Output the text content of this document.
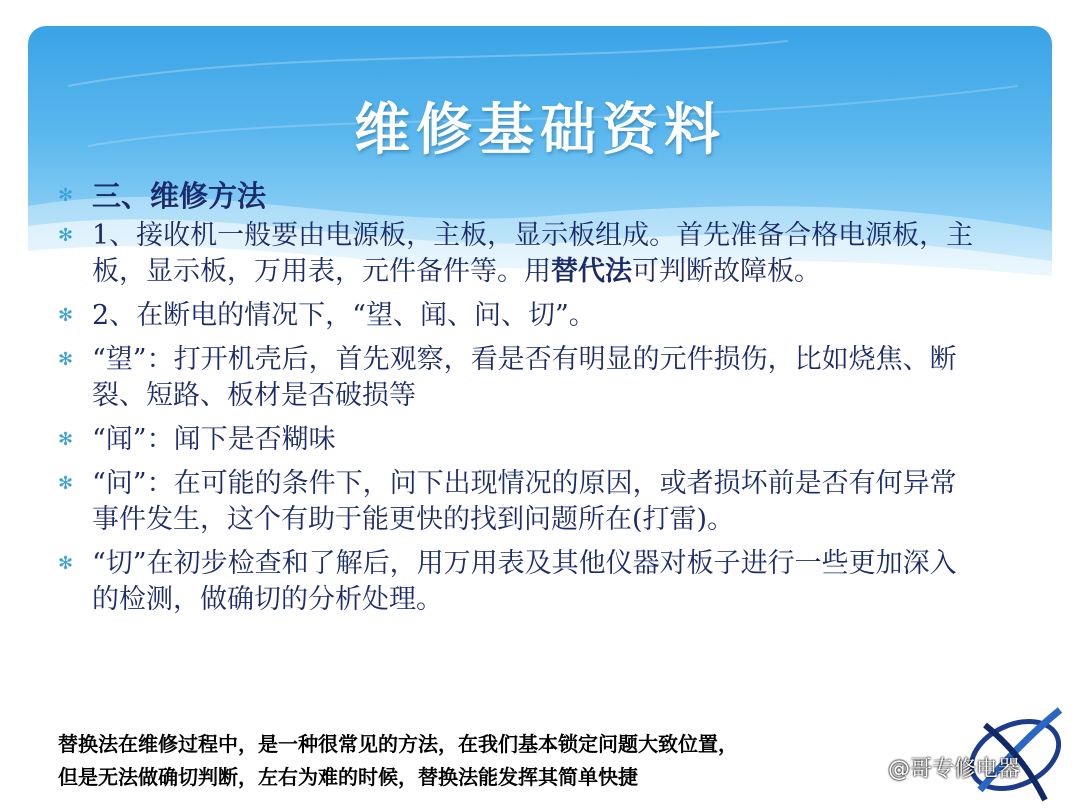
维修基础资料
✻ 三、维修方法
✻ 1、接收机一般要由电源板，主板，显示板组成。首先准备合格电源板，主板，显示板，万用表，元件备件等。用替代法可判断故障板。
✻ 2、在断电的情况下，“望、闻、问、切”。
✻ “望”：打开机壳后，首先观察，看是否有明显的元件损伤，比如烧焦、断裂、短路、板材是否破损等
✻ “闻”：闻下是否糊味
✻ “问”：在可能的条件下，问下出现情况的原因，或者损坏前是否有何异常事件发生，这个有助于能更快的找到问题所在(打雷)。
✻ “切”在初步检查和了解后，用万用表及其他仪器对板子进行一些更加深入的检测，做确切的分析处理。
替换法在维修过程中，是一种很常见的方法，在我们基本锁定问题大致位置，
但是无法做确切判断，左右为难的时候，替换法能发挥其简单快捷	@哥专修电器
